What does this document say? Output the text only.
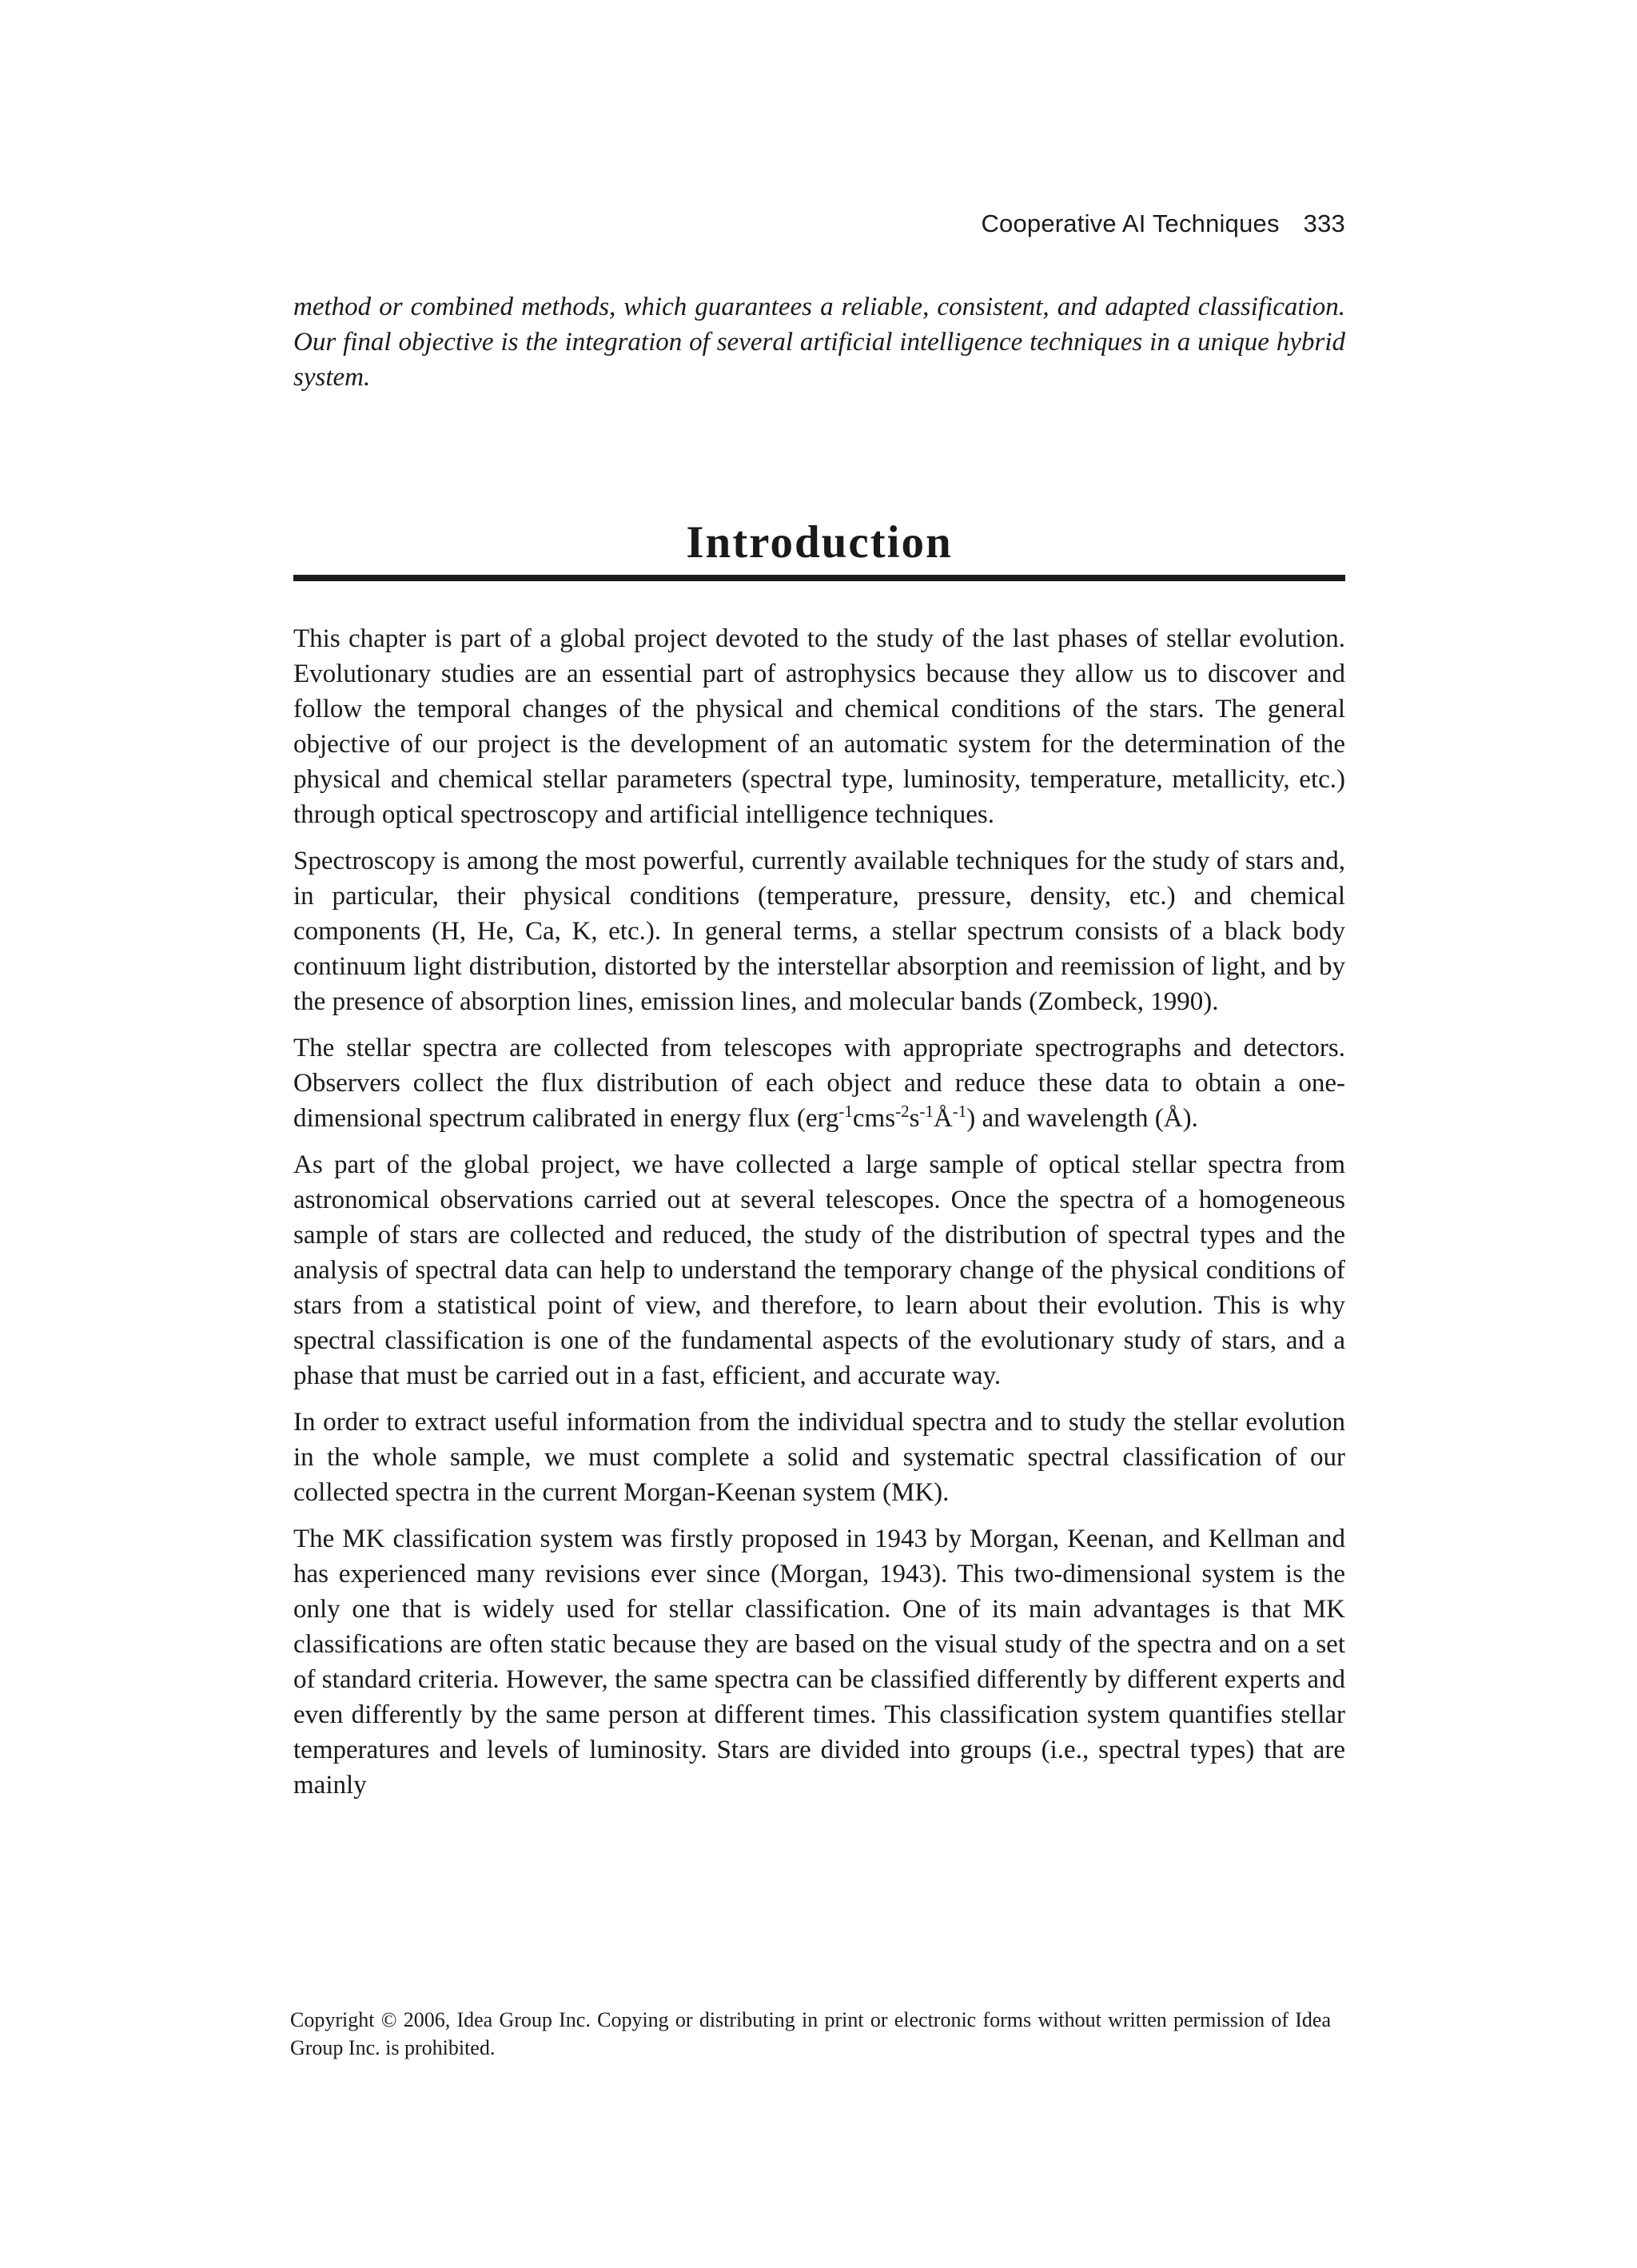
Cooperative AI Techniques 333

method or combined methods, which guarantees a reliable, consistent, and adapted classification. Our final objective is the integration of several artificial intelligence techniques in a unique hybrid system.

Introduction

This chapter is part of a global project devoted to the study of the last phases of stellar evolution. Evolutionary studies are an essential part of astrophysics because they allow us to discover and follow the temporal changes of the physical and chemical conditions of the stars. The general objective of our project is the development of an automatic system for the determination of the physical and chemical stellar parameters (spectral type, luminosity, temperature, metallicity, etc.) through optical spectroscopy and artificial intelligence techniques.

Spectroscopy is among the most powerful, currently available techniques for the study of stars and, in particular, their physical conditions (temperature, pressure, density, etc.) and chemical components (H, He, Ca, K, etc.). In general terms, a stellar spectrum consists of a black body continuum light distribution, distorted by the interstellar absorption and reemission of light, and by the presence of absorption lines, emission lines, and molecular bands (Zombeck, 1990).

The stellar spectra are collected from telescopes with appropriate spectrographs and detectors. Observers collect the flux distribution of each object and reduce these data to obtain a one-dimensional spectrum calibrated in energy flux $(erg^{-1}cms^{-2}s^{-1}Å^{-1})$ and wavelength (Å).

As part of the global project, we have collected a large sample of optical stellar spectra from astronomical observations carried out at several telescopes. Once the spectra of a homogeneous sample of stars are collected and reduced, the study of the distribution of spectral types and the analysis of spectral data can help to understand the temporary change of the physical conditions of stars from a statistical point of view, and therefore, to learn about their evolution. This is why spectral classification is one of the fundamental aspects of the evolutionary study of stars, and a phase that must be carried out in a fast, efficient, and accurate way.

In order to extract useful information from the individual spectra and to study the stellar evolution in the whole sample, we must complete a solid and systematic spectral classification of our collected spectra in the current Morgan-Keenan system (MK).

The MK classification system was firstly proposed in 1943 by Morgan, Keenan, and Kellman and has experienced many revisions ever since (Morgan, 1943). This two-dimensional system is the only one that is widely used for stellar classification. One of its main advantages is that MK classifications are often static because they are based on the visual study of the spectra and on a set of standard criteria. However, the same spectra can be classified differently by different experts and even differently by the same person at different times. This classification system quantifies stellar temperatures and levels of luminosity. Stars are divided into groups (i.e., spectral types) that are mainly

Copyright © 2006, Idea Group Inc. Copying or distributing in print or electronic forms without written permission of Idea Group Inc. is prohibited.
